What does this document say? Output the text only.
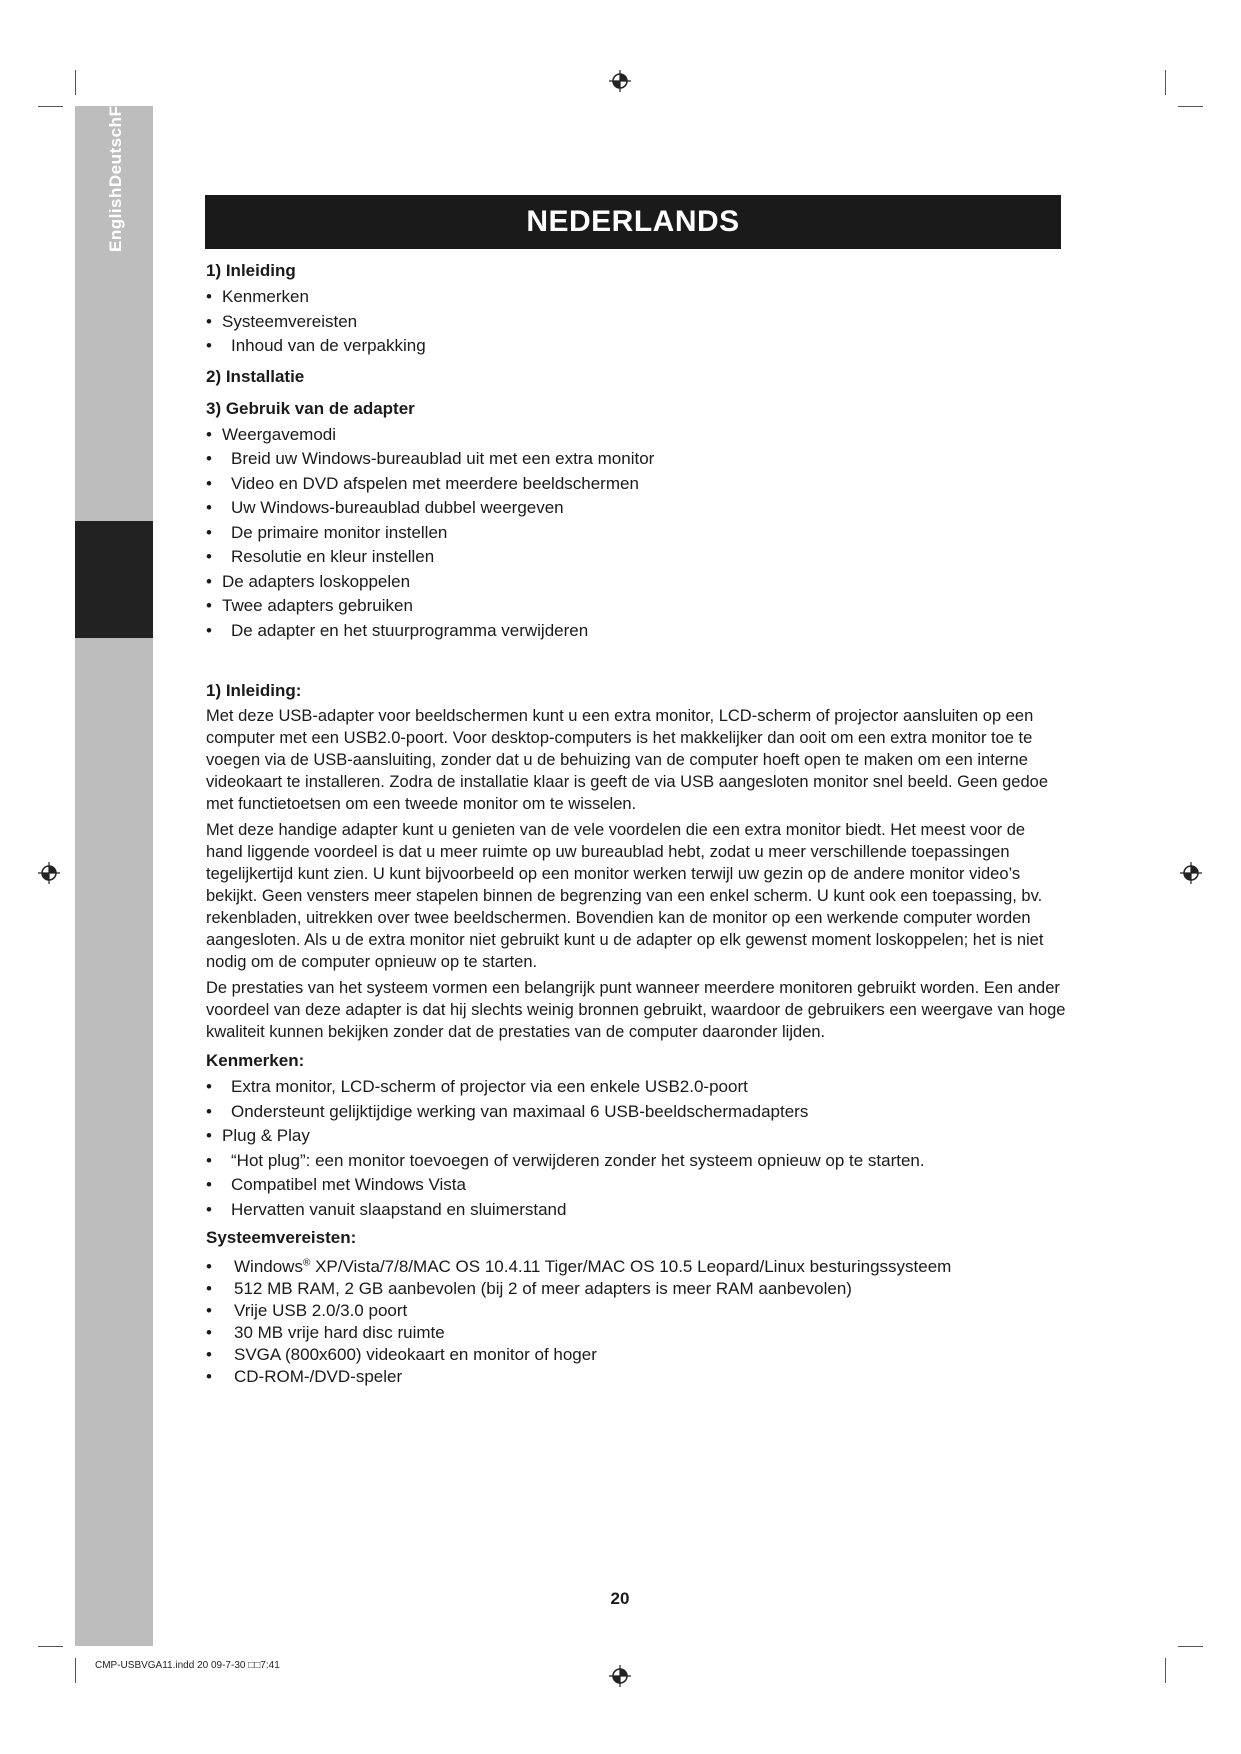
EnglishDeutschF	NEDERLANDS
1) Inleiding
• Kenmerken
• Systeemvereisten
• Inhoud van de verpakking
2) Installatie
3) Gebruik van de adapter
• Weergavemodi
• Breid uw Windows-bureaublad uit met een extra monitor
• Video en DVD afspelen met meerdere beeldschermen
• Uw Windows-bureaublad dubbel weergeven
• De primaire monitor instellen
• Resolutie en kleur instellen
• De adapters loskoppelen
• Twee adapters gebruiken
• De adapter en het stuurprogramma verwijderen
1) Inleiding:

Met deze USB-adapter voor beeldschermen kunt u een extra monitor, LCD-scherm of projector aansluiten op een computer met een USB2.0-poort. Voor desktop-computers is het makkelijker dan ooit om een extra monitor toe te voegen via de USB-aansluiting, zonder dat u de behuizing van de computer hoeft open te maken om een interne videokaart te installeren. Zodra de installatie klaar is geeft de via USB aangesloten monitor snel beeld. Geen gedoe met functietoetsen om een tweede monitor om te wisselen.

Met deze handige adapter kunt u genieten van de vele voordelen die een extra monitor biedt. Het meest voor de hand liggende voordeel is dat u meer ruimte op uw bureaublad hebt, zodat u meer verschillende toepassingen tegelijkertijd kunt zien. U kunt bijvoorbeeld op een monitor werken terwijl uw gezin op de andere monitor video’s bekijkt. Geen vensters meer stapelen binnen de begrenzing van een enkel scherm. U kunt ook een toepassing, bv. rekenbladen, uitrekken over twee beeldschermen. Bovendien kan de monitor op een werkende computer worden aangesloten. Als u de extra monitor niet gebruikt kunt u de adapter op elk gewenst moment loskoppelen; het is niet nodig om de computer opnieuw op te starten.

De prestaties van het systeem vormen een belangrijk punt wanneer meerdere monitoren gebruikt worden. Een ander voordeel van deze adapter is dat hij slechts weinig bronnen gebruikt, waardoor de gebruikers een weergave van hoge kwaliteit kunnen bekijken zonder dat de prestaties van de computer daaronder lijden.

Kenmerken:
• Extra monitor, LCD-scherm of projector via een enkele USB2.0-poort
• Ondersteunt gelijktijdige werking van maximaal 6 USB-beeldschermadapters
• Plug & Play
• “Hot plug”: een monitor toevoegen of verwijderen zonder het systeem opnieuw op te starten.
• Compatibel met Windows Vista
• Hervatten vanuit slaapstand en sluimerstand
Systeemvereisten:
• Windows® XP/Vista/7/8/MAC OS 10.4.11 Tiger/MAC OS 10.5 Leopard/Linux besturingssysteem
• 512 MB RAM, 2 GB aanbevolen (bij 2 of meer adapters is meer RAM aanbevolen)
• Vrije USB 2.0/3.0 poort
• 30 MB vrije hard disc ruimte
• SVGA (800x600) videokaart en monitor of hoger
• CD-ROM-/DVD-speler
20
CMP-USBVGA11.indd 20 09-7-30 □□7:41
